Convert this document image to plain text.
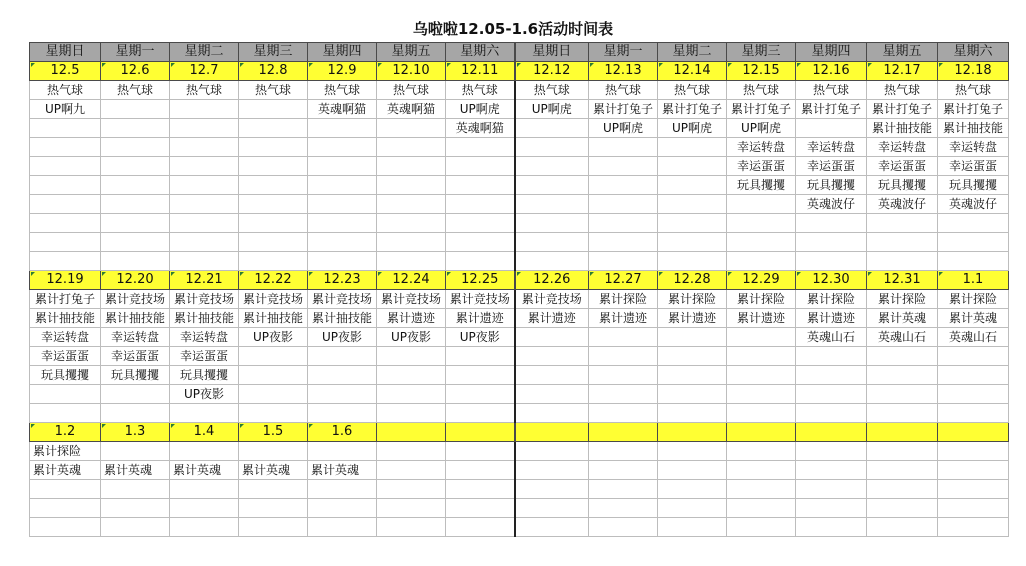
乌啦啦12.05-1.6活动时间表
星期日	星期一	星期二	星期三	星期四	星期五	星期六	星期日	星期一	星期二	星期三	星期四	星期五	星期六
12.5	12.6	12.7	12.8	12.9	12.10	12.11	12.12	12.13	12.14	12.15	12.16	12.17	12.18
热气球	热气球	热气球	热气球	热气球	热气球	热气球	热气球	热气球	热气球	热气球	热气球	热气球	热气球
UP啊九				英魂啊猫	英魂啊猫	UP啊虎	UP啊虎	累计打兔子	累计打兔子	累计打兔子	累计打兔子	累计打兔子	累计打兔子
						英魂啊猫		UP啊虎	UP啊虎	UP啊虎		累计抽技能	累计抽技能
										幸运转盘	幸运转盘	幸运转盘	幸运转盘
										幸运蛋蛋	幸运蛋蛋	幸运蛋蛋	幸运蛋蛋
										玩具攫攫	玩具攫攫	玩具攫攫	玩具攫攫
											英魂波仔	英魂波仔	英魂波仔

12.19	12.20	12.21	12.22	12.23	12.24	12.25	12.26	12.27	12.28	12.29	12.30	12.31	1.1
累计打兔子	累计竞技场	累计竞技场	累计竞技场	累计竞技场	累计竞技场	累计竞技场	累计竞技场	累计探险	累计探险	累计探险	累计探险	累计探险	累计探险
累计抽技能	累计抽技能	累计抽技能	累计抽技能	累计抽技能	累计遗迹	累计遗迹	累计遗迹	累计遗迹	累计遗迹	累计遗迹	累计遗迹	累计英魂	累计英魂
幸运转盘	幸运转盘	幸运转盘	UP夜影	UP夜影	UP夜影	UP夜影					英魂山石	英魂山石	英魂山石
幸运蛋蛋	幸运蛋蛋	幸运蛋蛋											
玩具攫攫	玩具攫攫	玩具攫攫											
		UP夜影											

1.2	1.3	1.4	1.5	1.6									
累计探险													
累计英魂	累计英魂	累计英魂	累计英魂	累计英魂									
